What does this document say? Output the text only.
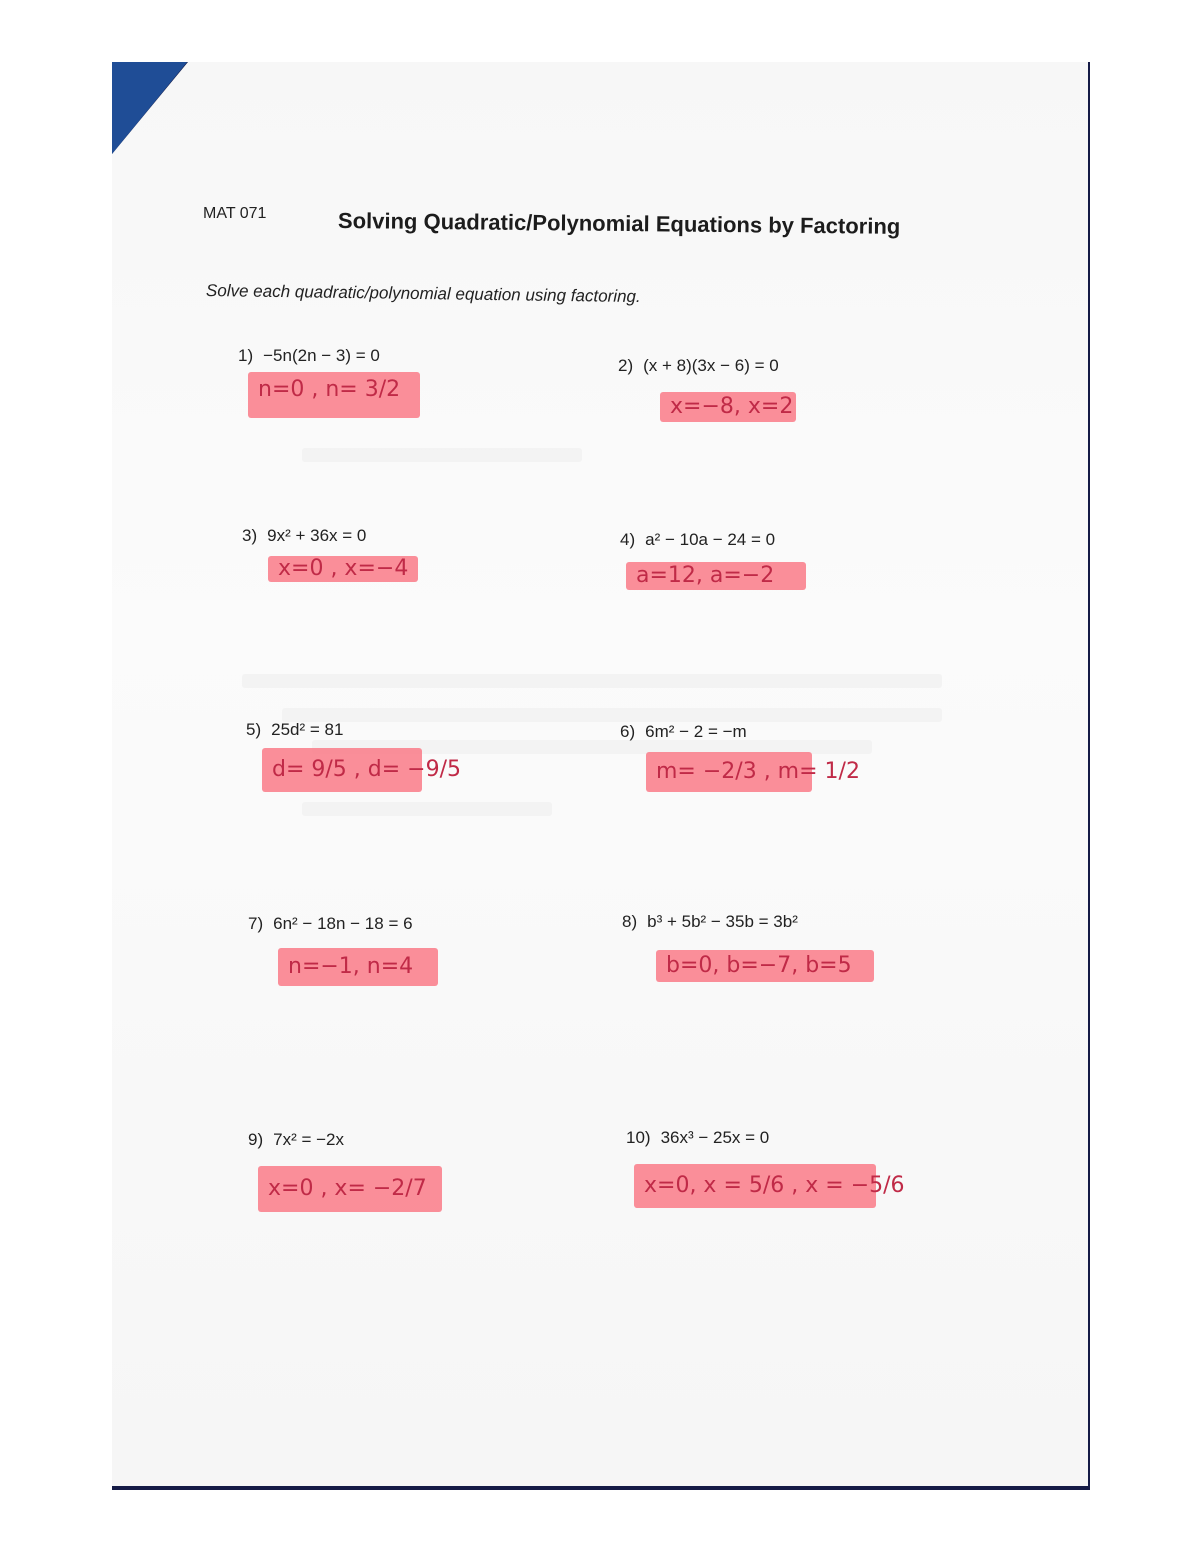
MAT 071	Solving Quadratic/Polynomial Equations by Factoring
Solve each quadratic/polynomial equation using factoring.
1) −5n(2n − 3) = 0
n=0 , n= 3/2
2) (x + 8)(3x − 6) = 0
x=−8, x=2
3) 9x² + 36x = 0
x=0 , x=−4
4) a² − 10a − 24 = 0
a=12, a=−2
5) 25d² = 81
d= 9/5 , d= −9/5
6) 6m² − 2 = −m
m= −2/3 , m= 1/2
7) 6n² − 18n − 18 = 6
n=−1, n=4
8) b³ + 5b² − 35b = 3b²
b=0, b=−7, b=5
9) 7x² = −2x
x=0 , x= −2/7
10) 36x³ − 25x = 0
x=0, x = 5/6 , x = −5/6
